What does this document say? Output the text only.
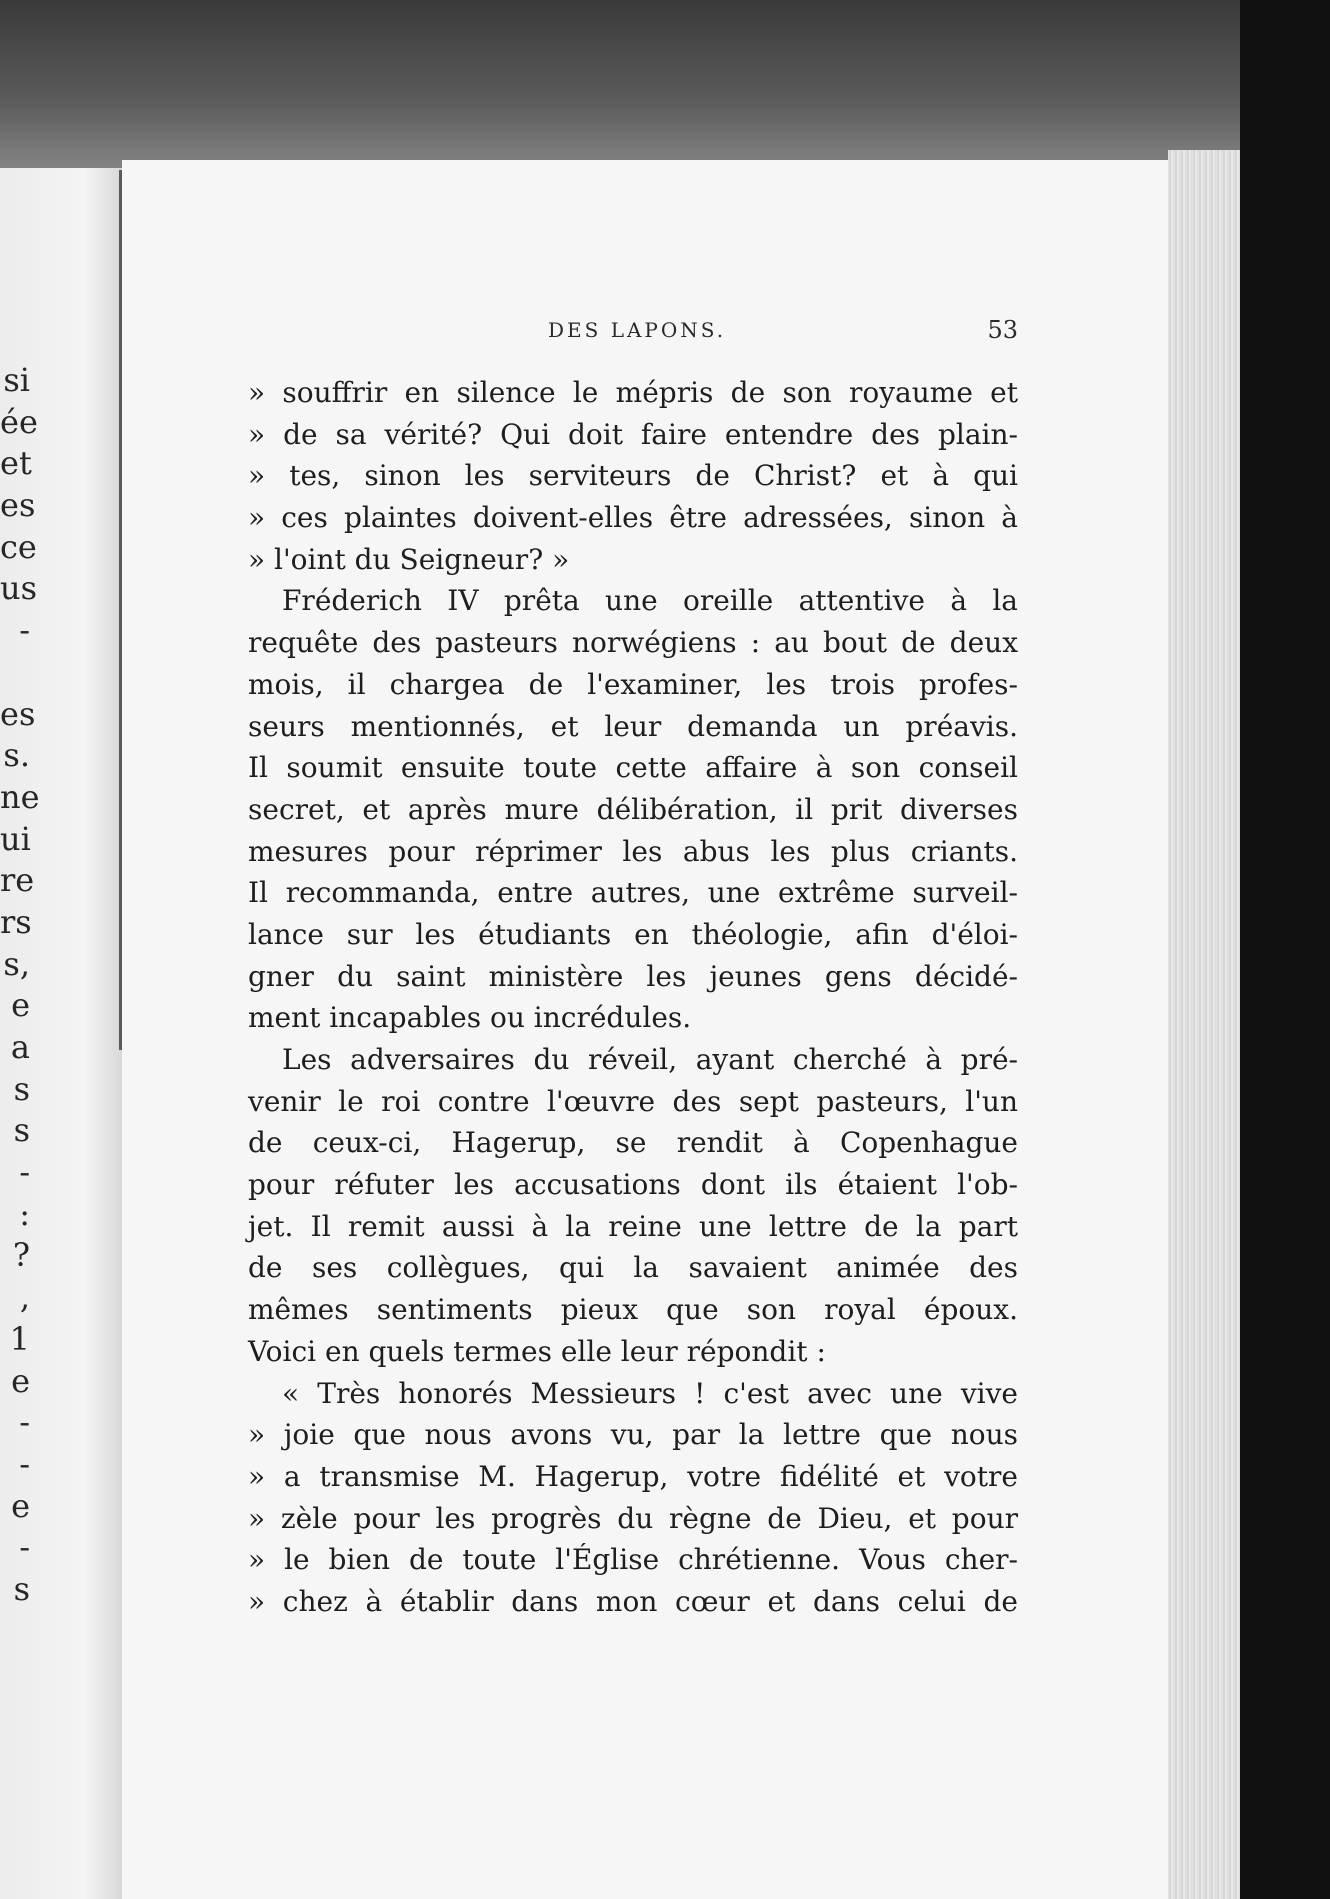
si
ée
et
es
ce
us
-
es
s.
ne
ui
re
rs
s,
e
a
s
s
-
:
?
,
1
e
-
-
e
-
s
DES LAPONS.	53
» souffrir en silence le mépris de son royaume et
» de sa vérité? Qui doit faire entendre des plain-
» tes, sinon les serviteurs de Christ? et à qui
» ces plaintes doivent-elles être adressées, sinon à
» l'oint du Seigneur? »
Fréderich IV prêta une oreille attentive à la
requête des pasteurs norwégiens : au bout de deux
mois, il chargea de l'examiner, les trois profes-
seurs mentionnés, et leur demanda un préavis.
Il soumit ensuite toute cette affaire à son conseil
secret, et après mure délibération, il prit diverses
mesures pour réprimer les abus les plus criants.
Il recommanda, entre autres, une extrême surveil-
lance sur les étudiants en théologie, afin d'éloi-
gner du saint ministère les jeunes gens décidé-
ment incapables ou incrédules.
Les adversaires du réveil, ayant cherché à pré-
venir le roi contre l'œuvre des sept pasteurs, l'un
de ceux-ci, Hagerup, se rendit à Copenhague
pour réfuter les accusations dont ils étaient l'ob-
jet. Il remit aussi à la reine une lettre de la part
de ses collègues, qui la savaient animée des
mêmes sentiments pieux que son royal époux.
Voici en quels termes elle leur répondit :
« Très honorés Messieurs ! c'est avec une vive
» joie que nous avons vu, par la lettre que nous
» a transmise M. Hagerup, votre fidélité et votre
» zèle pour les progrès du règne de Dieu, et pour
» le bien de toute l'Église chrétienne. Vous cher-
» chez à établir dans mon cœur et dans celui de
